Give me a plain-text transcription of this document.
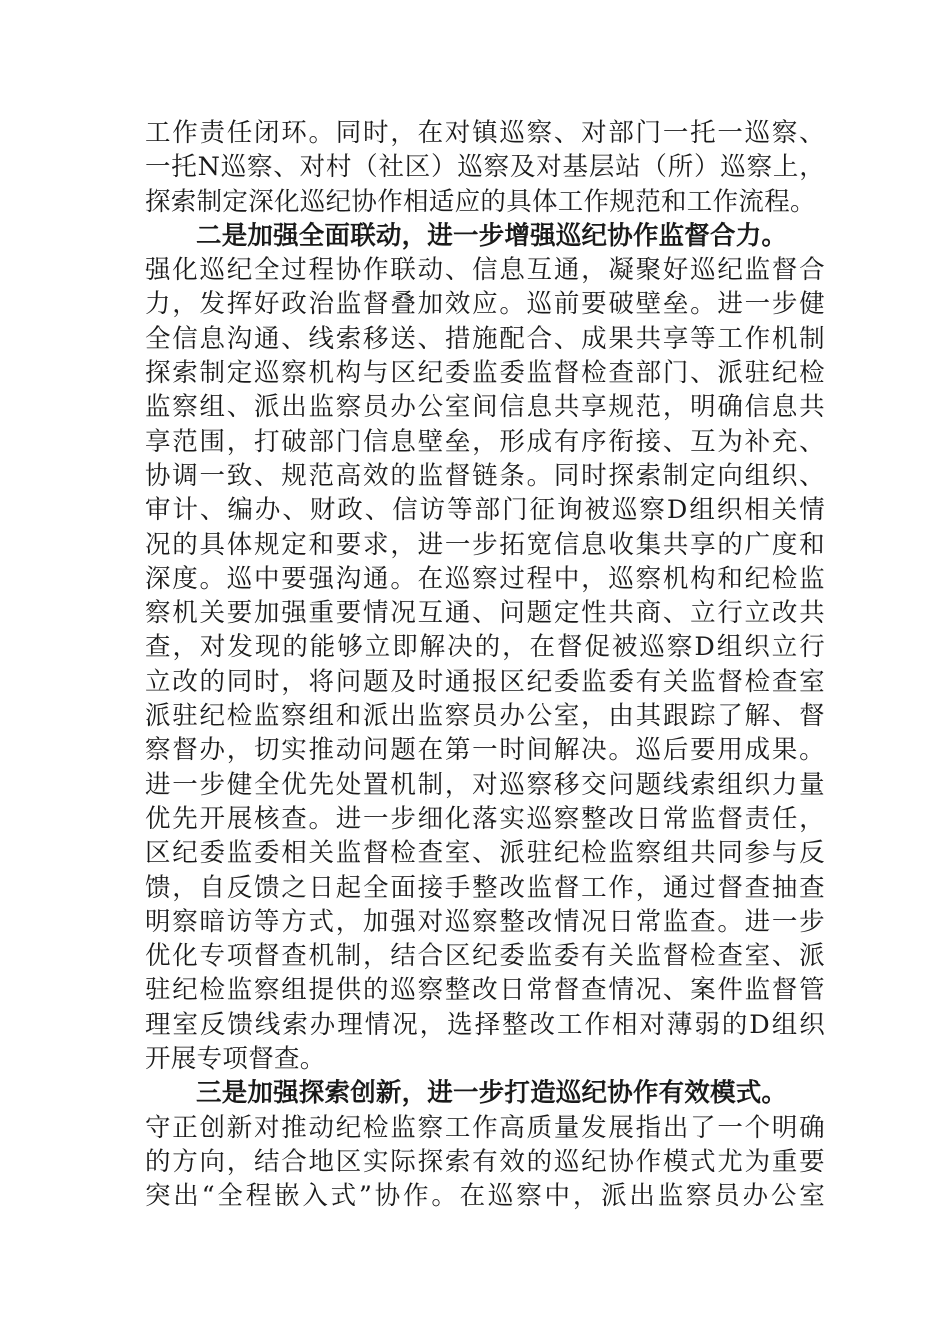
工作责任闭环。同时，在对镇巡察、对部门一托一巡察、
一托N巡察、对村（社区）巡察及对基层站（所）巡察上，
探索制定深化巡纪协作相适应的具体工作规范和工作流程。
二是加强全面联动，进一步增强巡纪协作监督合力。
强化巡纪全过程协作联动、信息互通，凝聚好巡纪监督合
力，发挥好政治监督叠加效应。巡前要破壁垒。进一步健
全信息沟通、线索移送、措施配合、成果共享等工作机制
探索制定巡察机构与区纪委监委监督检查部门、派驻纪检
监察组、派出监察员办公室间信息共享规范，明确信息共
享范围，打破部门信息壁垒，形成有序衔接、互为补充、
协调一致、规范高效的监督链条。同时探索制定向组织、
审计、编办、财政、信访等部门征询被巡察D组织相关情
况的具体规定和要求，进一步拓宽信息收集共享的广度和
深度。巡中要强沟通。在巡察过程中，巡察机构和纪检监
察机关要加强重要情况互通、问题定性共商、立行立改共
查，对发现的能够立即解决的，在督促被巡察D组织立行
立改的同时，将问题及时通报区纪委监委有关监督检查室
派驻纪检监察组和派出监察员办公室，由其跟踪了解、督
察督办，切实推动问题在第一时间解决。巡后要用成果。
进一步健全优先处置机制，对巡察移交问题线索组织力量
优先开展核查。进一步细化落实巡察整改日常监督责任，
区纪委监委相关监督检查室、派驻纪检监察组共同参与反
馈，自反馈之日起全面接手整改监督工作，通过督查抽查
明察暗访等方式，加强对巡察整改情况日常监查。进一步
优化专项督查机制，结合区纪委监委有关监督检查室、派
驻纪检监察组提供的巡察整改日常督查情况、案件监督管
理室反馈线索办理情况，选择整改工作相对薄弱的D组织
开展专项督查。
三是加强探索创新，进一步打造巡纪协作有效模式。
守正创新对推动纪检监察工作高质量发展指出了一个明确
的方向，结合地区实际探索有效的巡纪协作模式尤为重要
突出“全程嵌入式”协作。在巡察中，派出监察员办公室
